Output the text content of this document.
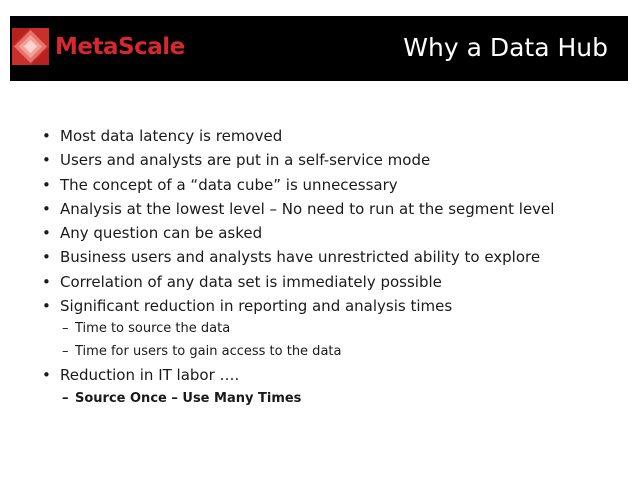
MetaScale	Why a Data Hub
• Most data latency is removed
• Users and analysts are put in a self-service mode
• The concept of a “data cube” is unnecessary
• Analysis at the lowest level – No need to run at the segment level
• Any question can be asked
• Business users and analysts have unrestricted ability to explore
• Correlation of any data set is immediately possible
• Significant reduction in reporting and analysis times
– Time to source the data
– Time for users to gain access to the data
• Reduction in IT labor ….
– Source Once – Use Many Times
